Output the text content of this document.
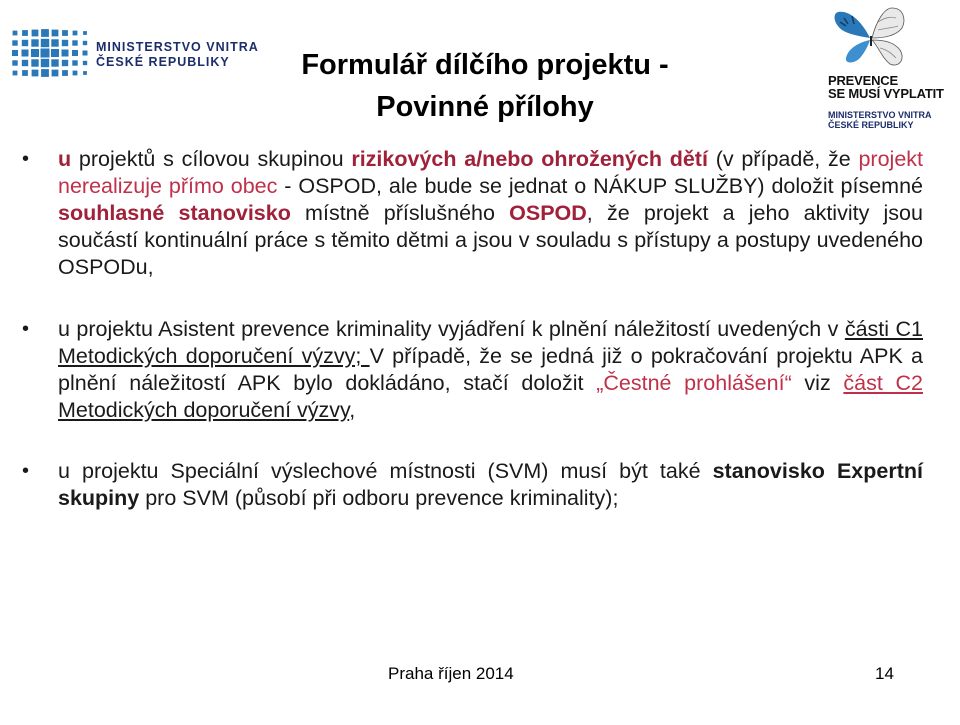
MINISTERSTVO VNITRA
ČESKÉ REPUBLIKY
PREVENCE
SE MUSÍ VYPLATIT
MINISTERSTVO VNITRA
ČESKÉ REPUBLIKY
Formulář dílčího projektu -
Povinné přílohy

• u projektů s cílovou skupinou rizikových a/nebo ohrožených dětí (v případě, že projekt nerealizuje přímo obec - OSPOD, ale bude se jednat o NÁKUP SLUŽBY) doložit písemné souhlasné stanovisko místně příslušného OSPOD, že projekt a jeho aktivity jsou součástí kontinuální práce s těmito dětmi a jsou v souladu s přístupy a postupy uvedeného OSPODu,

• u projektu Asistent prevence kriminality vyjádření k plnění náležitostí uvedených v části C1 Metodických doporučení výzvy; V případě, že se jedná již o pokračování projektu APK a plnění náležitostí APK bylo dokládáno, stačí doložit „Čestné prohlášení“ viz část C2 Metodických doporučení výzvy,

• u projektu Speciální výslechové místnosti (SVM) musí být také stanovisko Expertní skupiny pro SVM (působí při odboru prevence kriminality);

Praha říjen 2014	14
